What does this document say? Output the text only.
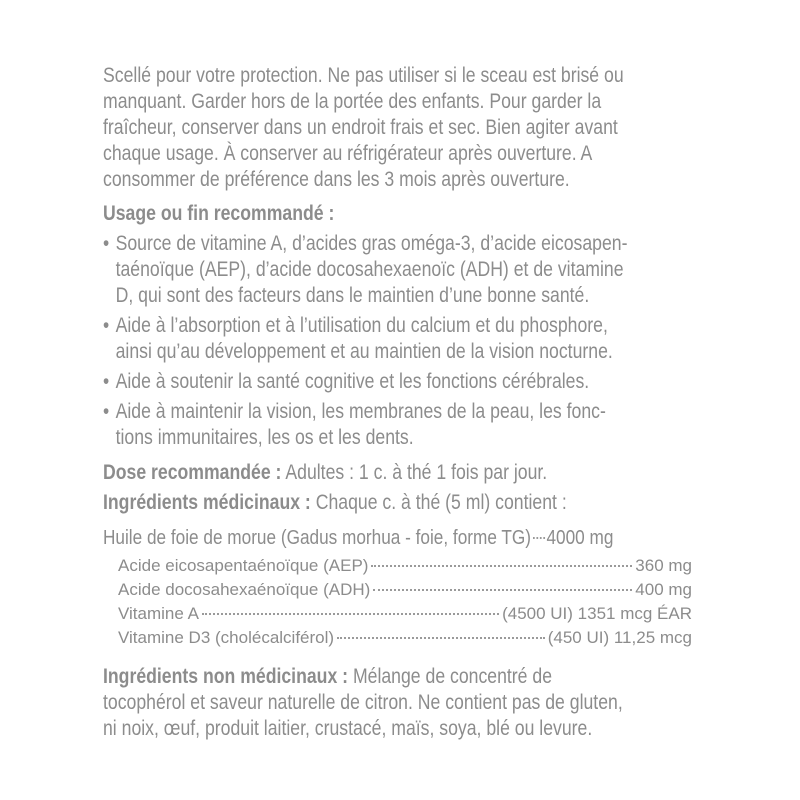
Scellé pour votre protection. Ne pas utiliser si le sceau est brisé ou
manquant. Garder hors de la portée des enfants. Pour garder la
fraîcheur, conserver dans un endroit frais et sec. Bien agiter avant
chaque usage. À conserver au réfrigérateur après ouverture. A
consommer de préférence dans les 3 mois après ouverture.
Usage ou fin recommandé :
• Source de vitamine A, d’acides gras oméga-3, d’acide eicosapen-
taénoïque (AEP), d’acide docosahexaenoïc (ADH) et de vitamine
D, qui sont des facteurs dans le maintien d’une bonne santé.
• Aide à l’absorption et à l’utilisation du calcium et du phosphore,
ainsi qu’au développement et au maintien de la vision nocturne.
• Aide à soutenir la santé cognitive et les fonctions cérébrales.
• Aide à maintenir la vision, les membranes de la peau, les fonc-
tions immunitaires, les os et les dents.
Dose recommandée : Adultes : 1 c. à thé 1 fois par jour.
Ingrédients médicinaux : Chaque c. à thé (5 ml) contient :
Huile de foie de morue (Gadus morhua - foie, forme TG) 4000 mg
Acide eicosapentaénoïque (AEP)	360 mg
Acide docosahexaénoïque (ADH)	400 mg
Vitamine A	(4500 UI) 1351 mcg ÉAR
Vitamine D3 (cholécalciférol)	(450 UI) 11,25 mcg
Ingrédients non médicinaux : Mélange de concentré de
tocophérol et saveur naturelle de citron. Ne contient pas de gluten,
ni noix, œuf, produit laitier, crustacé, maïs, soya, blé ou levure.
